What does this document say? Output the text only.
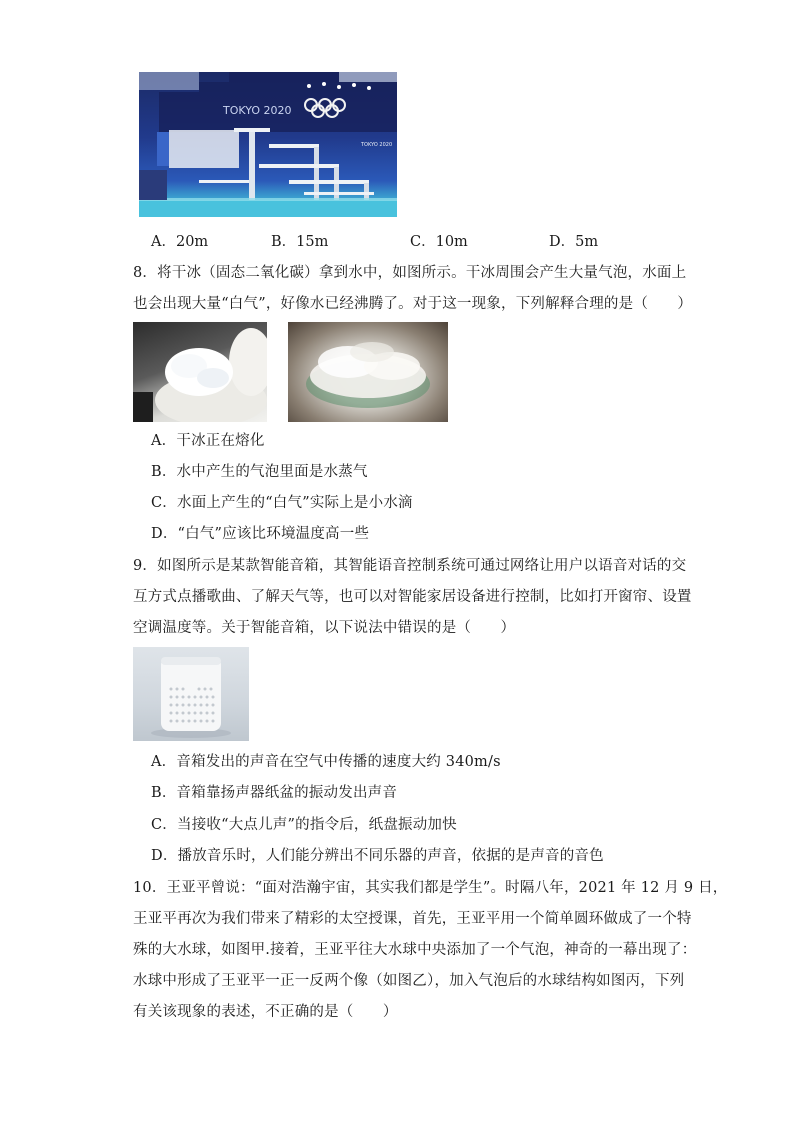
TOKYO 2020
TOKYO 2020
A．20m	B．15m	C．10m	D．5m
8．将干冰（固态二氧化碳）拿到水中，如图所示。干冰周围会产生大量气泡，水面上
也会出现大量“白气”，好像水已经沸腾了。对于这一现象，下列解释合理的是（　　）
A．干冰正在熔化
B．水中产生的气泡里面是水蒸气
C．水面上产生的“白气”实际上是小水滴
D．“白气”应该比环境温度高一些
9．如图所示是某款智能音箱，其智能语音控制系统可通过网络让用户以语音对话的交
互方式点播歌曲、了解天气等，也可以对智能家居设备进行控制，比如打开窗帘、设置
空调温度等。关于智能音箱，以下说法中错误的是（　　）
A．音箱发出的声音在空气中传播的速度大约 340m/s
B．音箱靠扬声器纸盆的振动发出声音
C．当接收“大点儿声”的指令后，纸盘振动加快
D．播放音乐时，人们能分辨出不同乐器的声音，依据的是声音的音色
10．王亚平曾说：“面对浩瀚宇宙，其实我们都是学生”。时隔八年，2021 年 12 月 9 日，
王亚平再次为我们带来了精彩的太空授课，首先，王亚平用一个简单圆环做成了一个特
殊的大水球，如图甲.接着，王亚平往大水球中央添加了一个气泡，神奇的一幕出现了：
水球中形成了王亚平一正一反两个像（如图乙），加入气泡后的水球结构如图丙，下列
有关该现象的表述，不正确的是（　　）
